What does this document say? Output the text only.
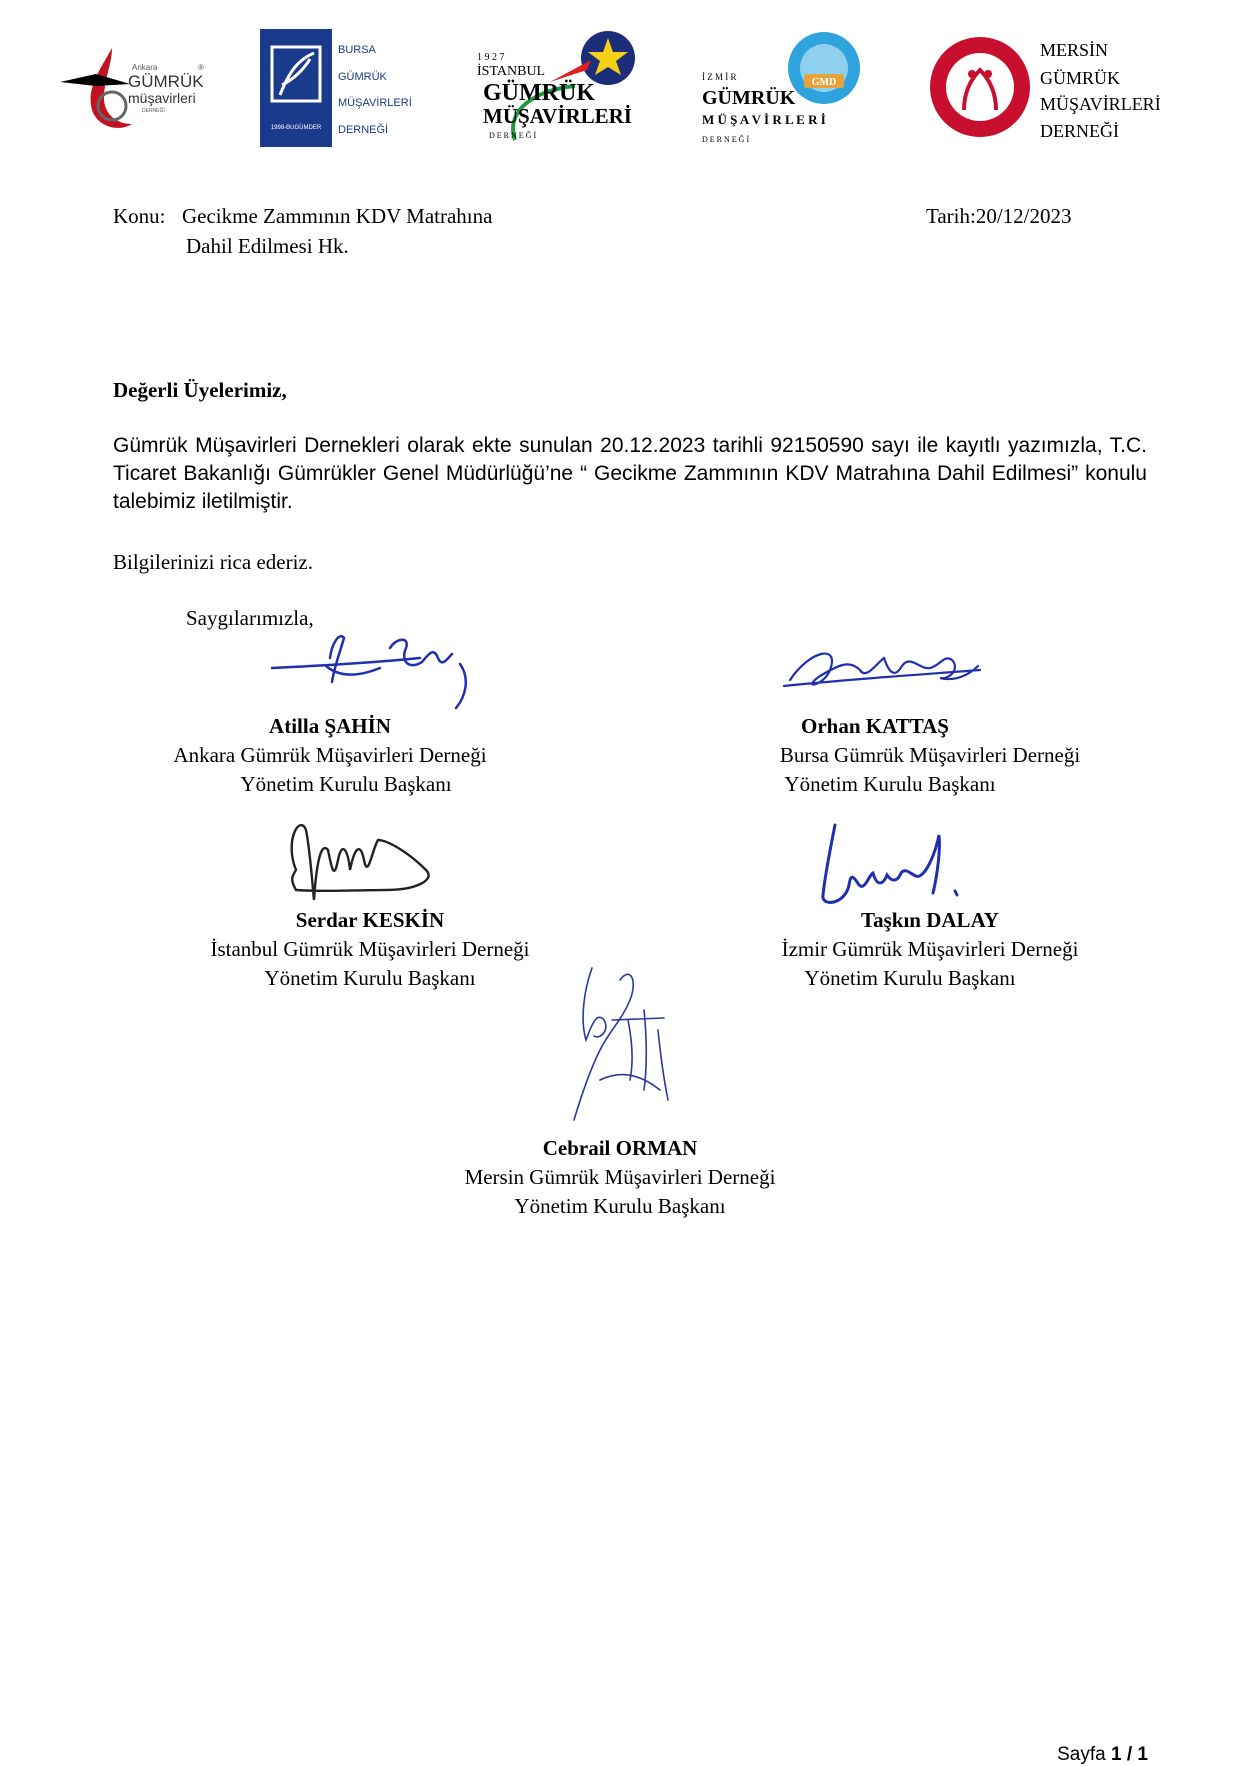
Ankara	®
GÜMRÜK
müşavirleri
DERNEĞİ
1998-BUGÜMDER
BURSA
GÜMRÜK
MÜŞAVİRLERİ
DERNEĞİ
1 9 2 7
İSTANBUL
GÜMRÜK
MÜŞAVİRLERİ
D E R N E Ğ İ
GMD
İ Z M İ R
GÜMRÜK
M Ü Ş A V İ R L E R İ
D E R N E Ğ İ
MERSİN
GÜMRÜK
MÜŞAVİRLERİ
DERNEĞİ
Konu: Gecikme Zammının KDV Matrahına
Dahil Edilmesi Hk.
Tarih:20/12/2023
Değerli Üyelerimiz,
Gümrük Müşavirleri Dernekleri olarak ekte sunulan 20.12.2023 tarihli 92150590 sayı ile kayıtlı yazımızla, T.C. Ticaret Bakanlığı Gümrükler Genel Müdürlüğü’ne “ Gecikme Zammının KDV Matrahına Dahil Edilmesi” konulu talebimiz iletilmiştir.
Bilgilerinizi rica ederiz.
Saygılarımızla,
Atilla ŞAHİN
Ankara Gümrük Müşavirleri Derneği
Yönetim Kurulu Başkanı
Orhan KATTAŞ
Bursa Gümrük Müşavirleri Derneği
Yönetim Kurulu Başkanı
Serdar KESKİN
İstanbul Gümrük Müşavirleri Derneği
Yönetim Kurulu Başkanı
Taşkın DALAY
İzmir Gümrük Müşavirleri Derneği
Yönetim Kurulu Başkanı
Cebrail ORMAN
Mersin Gümrük Müşavirleri Derneği
Yönetim Kurulu Başkanı
Sayfa 1 / 1
